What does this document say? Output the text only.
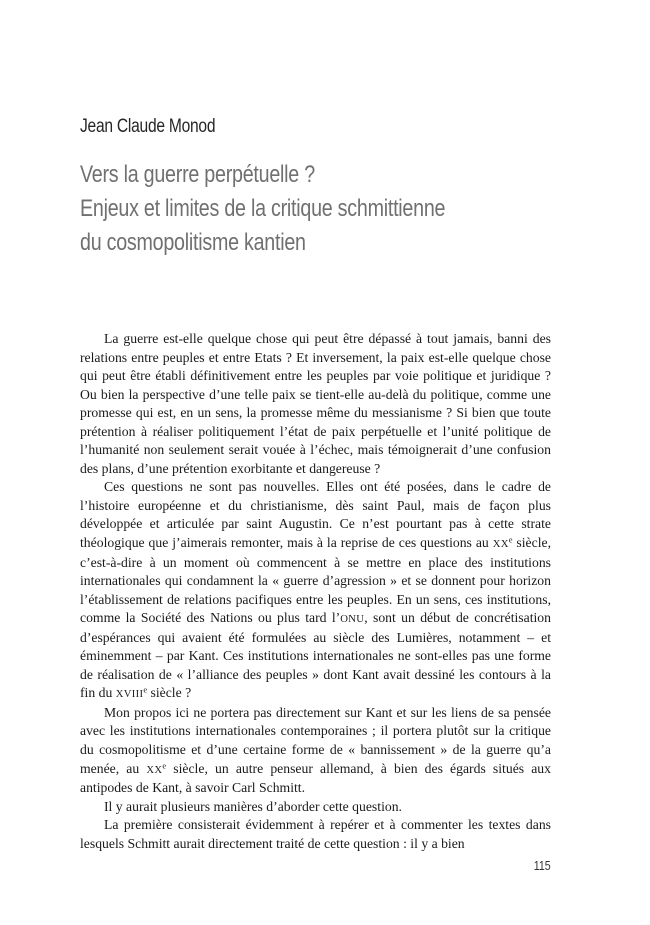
Jean Claude Monod
Vers la guerre perpétuelle ?
Enjeux et limites de la critique schmittienne
du cosmopolitisme kantien

La guerre est-elle quelque chose qui peut être dépassé à tout jamais, banni des relations entre peuples et entre Etats ? Et inversement, la paix est-elle quelque chose qui peut être établi définitivement entre les peuples par voie politique et juridique ? Ou bien la perspective d’une telle paix se tient-elle au-delà du politique, comme une promesse qui est, en un sens, la promesse même du messianisme ? Si bien que toute prétention à réaliser politiquement l’état de paix perpétuelle et l’unité politique de l’humanité non seulement serait vouée à l’échec, mais témoignerait d’une confusion des plans, d’une prétention exorbitante et dangereuse ?

Ces questions ne sont pas nouvelles. Elles ont été posées, dans le cadre de l’histoire européenne et du christianisme, dès saint Paul, mais de façon plus développée et articulée par saint Augustin. Ce n’est pourtant pas à cette strate théologique que j’aimerais remonter, mais à la reprise de ces questions au XXe siècle, c’est-à-dire à un moment où commencent à se mettre en place des institutions internationales qui condamnent la « guerre d’agression » et se donnent pour horizon l’établissement de relations pacifiques entre les peuples. En un sens, ces institutions, comme la Société des Nations ou plus tard l’ONU, sont un début de concrétisation d’espérances qui avaient été formulées au siècle des Lumières, notamment – et éminemment – par Kant. Ces institutions internationales ne sont-elles pas une forme de réalisation de « l’alliance des peuples » dont Kant avait dessiné les contours à la fin du XVIIIe siècle ?

Mon propos ici ne portera pas directement sur Kant et sur les liens de sa pensée avec les institutions internationales contemporaines ; il portera plutôt sur la critique du cosmopolitisme et d’une certaine forme de « bannissement » de la guerre qu’a menée, au XXe siècle, un autre penseur allemand, à bien des égards situés aux antipodes de Kant, à savoir Carl Schmitt.

Il y aurait plusieurs manières d’aborder cette question.

La première consisterait évidemment à repérer et à commenter les textes dans lesquels Schmitt aurait directement traité de cette question : il y a bien

115
